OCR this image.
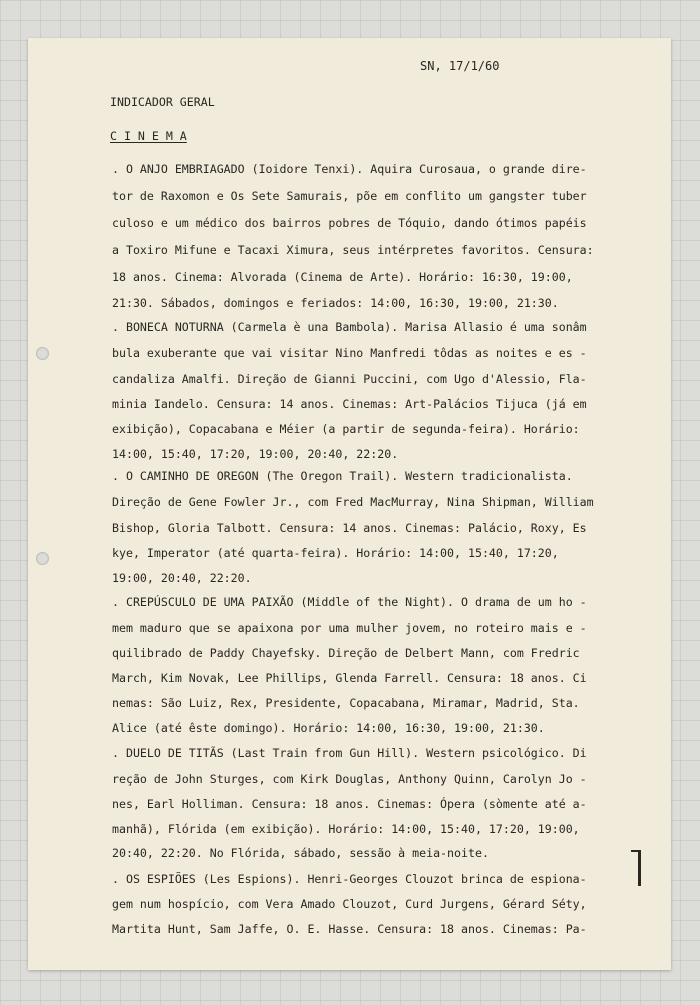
SN, 17/1/60
INDICADOR GERAL
C I N E M A
. O ANJO EMBRIAGADO (Ioidore Tenxi). Aquira Curosaua, o grande dire-
tor de Raxomon e Os Sete Samurais, põe em conflito um gangster tuber
culoso e um médico dos bairros pobres de Tóquio, dando ótimos papéis
a Toxiro Mifune e Tacaxi Ximura, seus intérpretes favoritos. Censura:
18 anos. Cinema: Alvorada (Cinema de Arte). Horário: 16:30, 19:00,
21:30. Sábados, domingos e feriados: 14:00, 16:30, 19:00, 21:30.
. BONECA NOTURNA (Carmela è una Bambola). Marisa Allasio é uma sonâm
bula exuberante que vai visitar Nino Manfredi tôdas as noites e es -
candaliza Amalfi. Direção de Gianni Puccini, com Ugo d'Alessio, Fla-
minia Iandelo. Censura: 14 anos. Cinemas: Art-Palácios Tijuca (já em
exibição), Copacabana e Méier (a partir de segunda-feira). Horário:
14:00, 15:40, 17:20, 19:00, 20:40, 22:20.
. O CAMINHO DE OREGON (The Oregon Trail). Western tradicionalista.
Direção de Gene Fowler Jr., com Fred MacMurray, Nina Shipman, William
Bishop, Gloria Talbott. Censura: 14 anos. Cinemas: Palácio, Roxy, Es
kye, Imperator (até quarta-feira). Horário: 14:00, 15:40, 17:20,
19:00, 20:40, 22:20.
. CREPÚSCULO DE UMA PAIXÃO (Middle of the Night). O drama de um ho -
mem maduro que se apaixona por uma mulher jovem, no roteiro mais e -
quilibrado de Paddy Chayefsky. Direção de Delbert Mann, com Fredric
March, Kim Novak, Lee Phillips, Glenda Farrell. Censura: 18 anos. Ci
nemas: São Luiz, Rex, Presidente, Copacabana, Miramar, Madrid, Sta.
Alice (até êste domingo). Horário: 14:00, 16:30, 19:00, 21:30.
. DUELO DE TITÃS (Last Train from Gun Hill). Western psicológico. Di
reção de John Sturges, com Kirk Douglas, Anthony Quinn, Carolyn Jo -
nes, Earl Holliman. Censura: 18 anos. Cinemas: Ópera (sòmente até a-
manhã), Flórida (em exibição). Horário: 14:00, 15:40, 17:20, 19:00,
20:40, 22:20. No Flórida, sábado, sessão à meia-noite.
. OS ESPIÕES (Les Espions). Henri-Georges Clouzot brinca de espiona-
gem num hospício, com Vera Amado Clouzot, Curd Jurgens, Gérard Séty,
Martita Hunt, Sam Jaffe, O. E. Hasse. Censura: 18 anos. Cinemas: Pa-
